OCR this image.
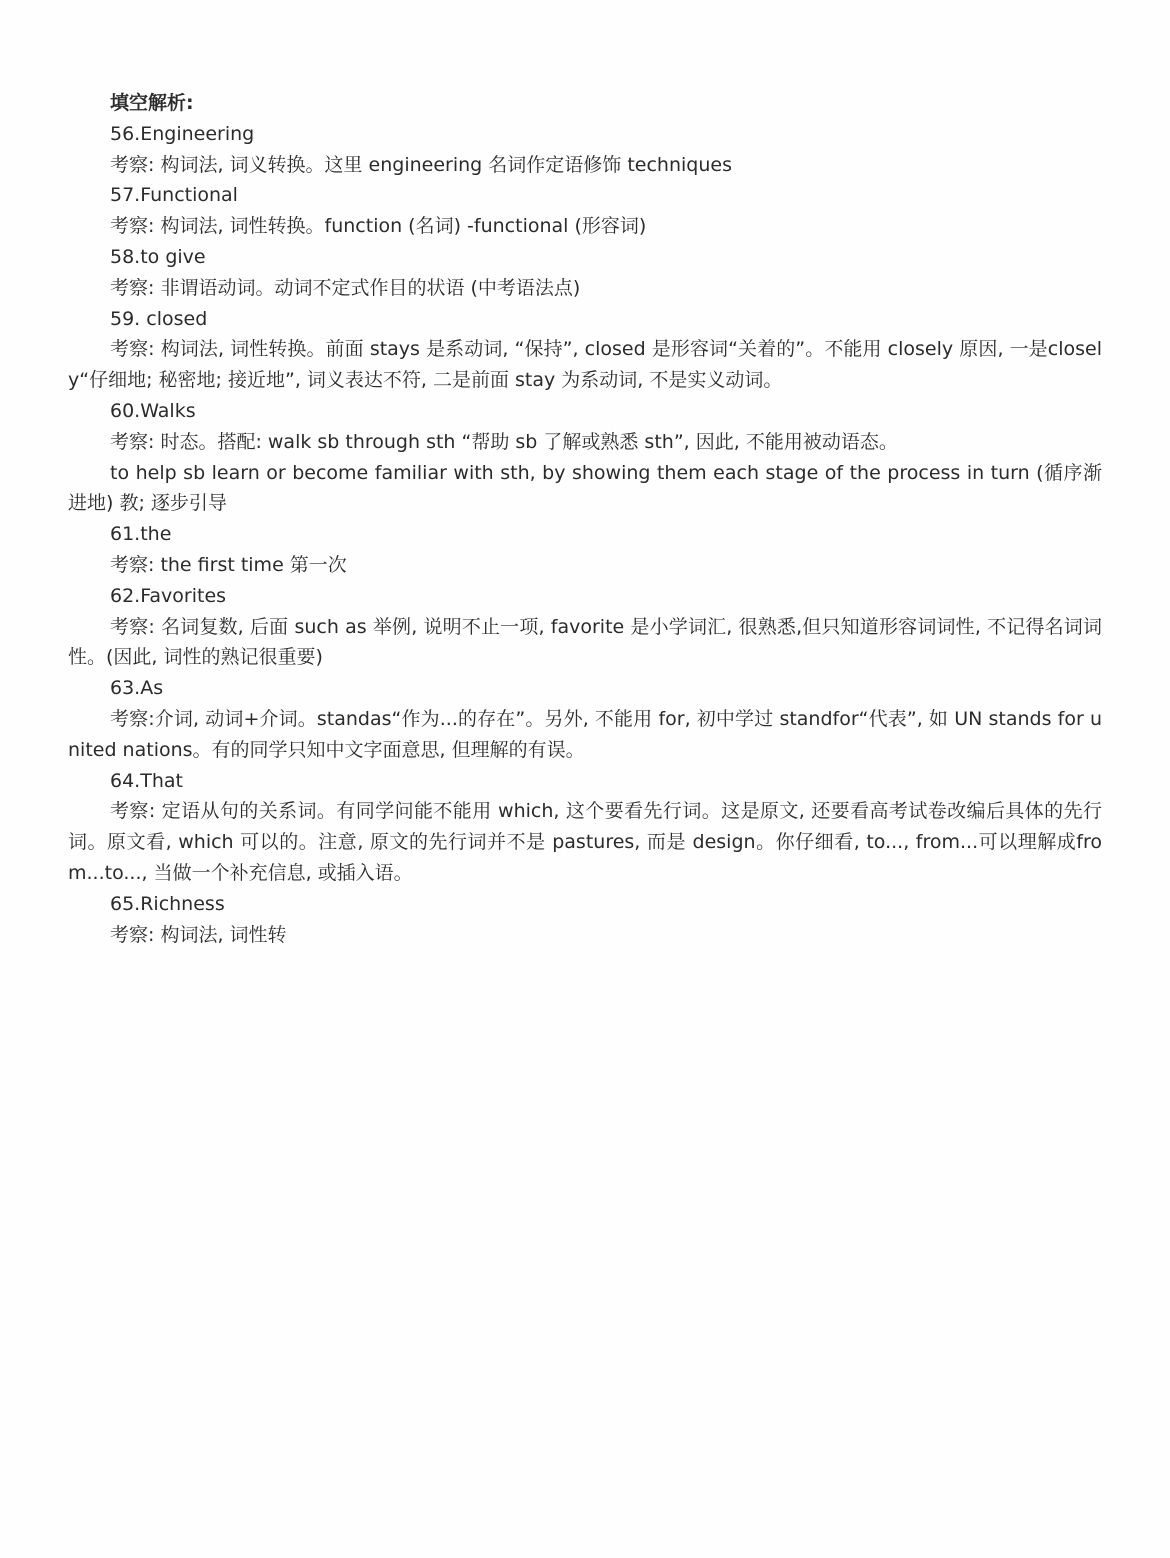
填空解析:

56.Engineering

考察: 构词法, 词义转换。这里 engineering 名词作定语修饰 techniques

57.Functional

考察: 构词法, 词性转换。function (名词) -functional (形容词)

58.to give

考察: 非谓语动词。动词不定式作目的状语 (中考语法点)

59. closed

考察: 构词法, 词性转换。前面 stays 是系动词, “保持”, closed 是形容词“关着的”。不能用 closely 原因, 一是closely“仔细地; 秘密地; 接近地”, 词义表达不符, 二是前面 stay 为系动词, 不是实义动词。

60.Walks

考察: 时态。搭配: walk sb through sth “帮助 sb 了解或熟悉 sth”, 因此, 不能用被动语态。

to help sb learn or become familiar with sth, by showing them each stage of the process in turn (循序渐进地) 教; 逐步引导

61.the

考察: the first time 第一次

62.Favorites

考察: 名词复数, 后面 such as 举例, 说明不止一项, favorite 是小学词汇, 很熟悉,但只知道形容词词性, 不记得名词词性。(因此, 词性的熟记很重要)

63.As

考察:介词, 动词+介词。standas“作为...的存在”。另外, 不能用 for, 初中学过 standfor“代表”, 如 UN stands for united nations。有的同学只知中文字面意思, 但理解的有误。

64.That

考察: 定语从句的关系词。有同学问能不能用 which, 这个要看先行词。这是原文, 还要看高考试卷改编后具体的先行词。原文看, which 可以的。注意, 原文的先行词并不是 pastures, 而是 design。你仔细看, to..., from...可以理解成from...to..., 当做一个补充信息, 或插入语。

65.Richness

考察: 构词法, 词性转
